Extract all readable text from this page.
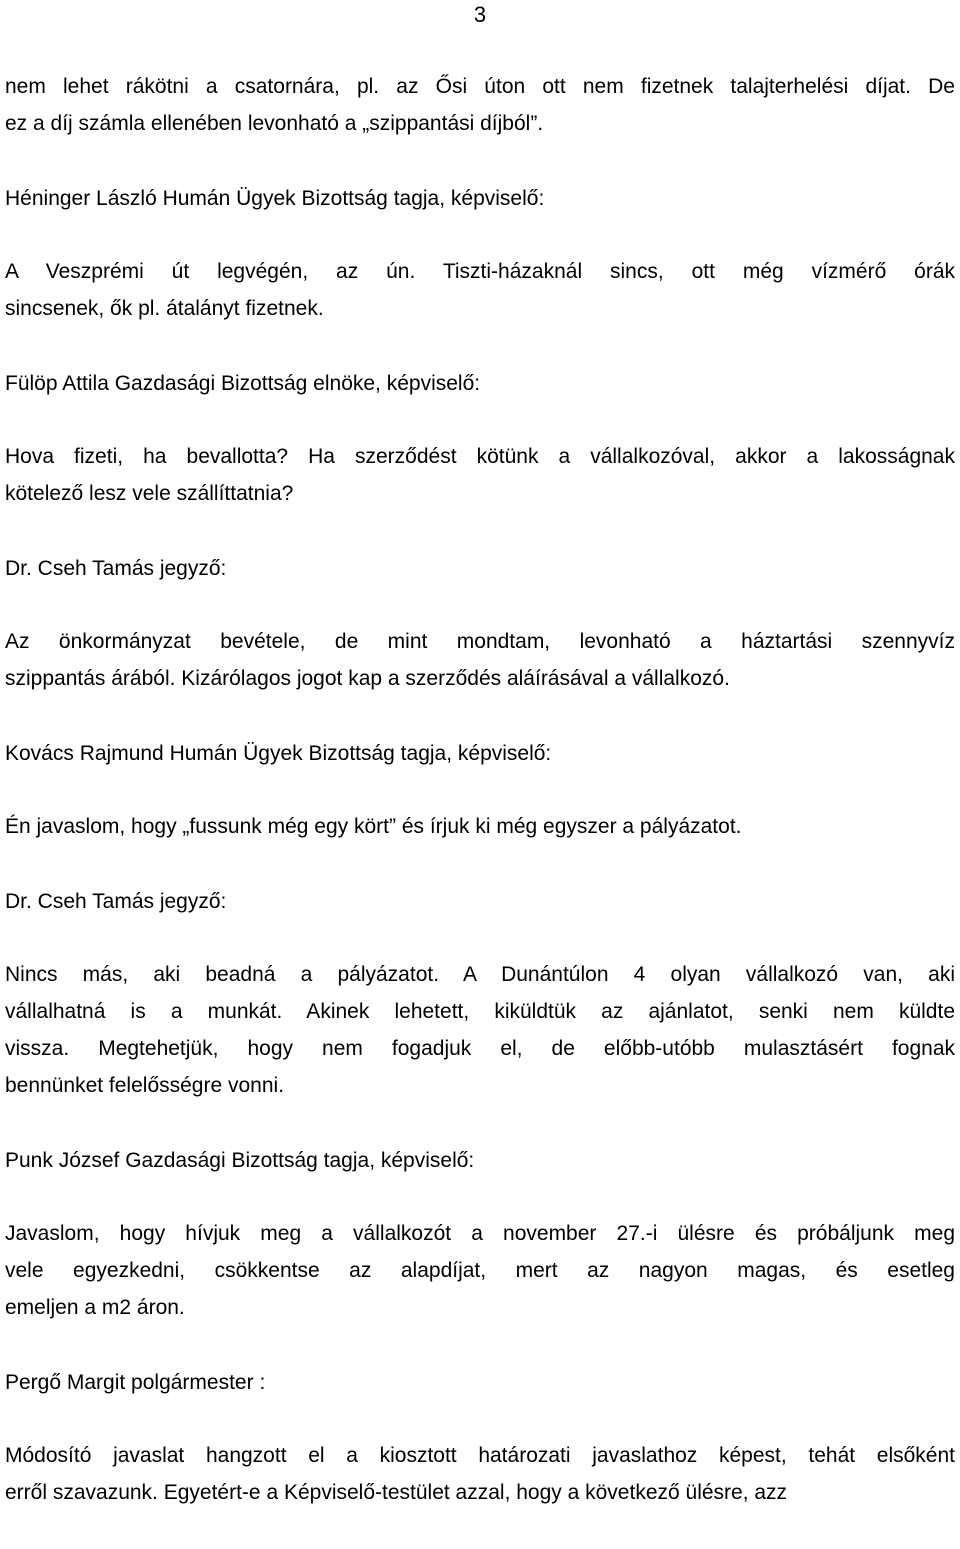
3
nem lehet rákötni a csatornára, pl. az Ősi úton ott nem fizetnek talajterhelési díjat. De
ez a díj számla ellenében levonható a „szippantási díjból”.
Héninger László Humán Ügyek Bizottság tagja, képviselő:
A Veszprémi út legvégén, az ún. Tiszti-házaknál sincs, ott még vízmérő órák
sincsenek, ők pl. átalányt fizetnek.
Fülöp Attila Gazdasági Bizottság elnöke, képviselő:
Hova fizeti, ha bevallotta? Ha szerződést kötünk a vállalkozóval, akkor a lakosságnak
kötelező lesz vele szállíttatnia?
Dr. Cseh Tamás jegyző:
Az önkormányzat bevétele, de mint mondtam, levonható a háztartási szennyvíz
szippantás árából. Kizárólagos jogot kap a szerződés aláírásával a vállalkozó.
Kovács Rajmund Humán Ügyek Bizottság tagja, képviselő:
Én javaslom, hogy „fussunk még egy kört” és írjuk ki még egyszer a pályázatot.
Dr. Cseh Tamás jegyző:
Nincs más, aki beadná a pályázatot. A Dunántúlon 4 olyan vállalkozó van, aki
vállalhatná is a munkát. Akinek lehetett, kiküldtük az ajánlatot, senki nem küldte
vissza. Megtehetjük, hogy nem fogadjuk el, de előbb-utóbb mulasztásért fognak
bennünket felelősségre vonni.
Punk József Gazdasági Bizottság tagja, képviselő:
Javaslom, hogy hívjuk meg a vállalkozót a november 27.-i ülésre és próbáljunk meg
vele egyezkedni, csökkentse az alapdíjat, mert az nagyon magas, és esetleg
emeljen a m2 áron.
Pergő Margit polgármester :
Módosító javaslat hangzott el a kiosztott határozati javaslathoz képest, tehát elsőként
erről szavazunk. Egyetért-e a Képviselő-testület azzal, hogy a következő ülésre, azz
